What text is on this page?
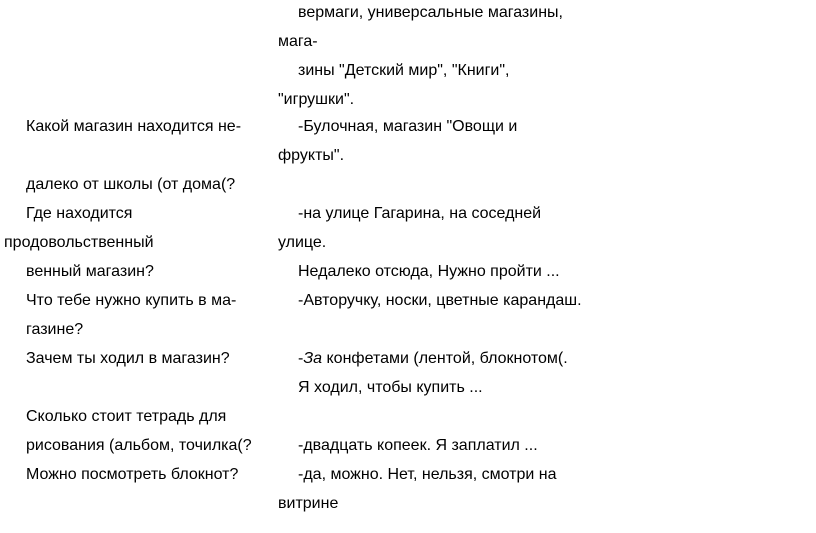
Какой магазин находится не-
далеко от школы (от дома(?
Где находится
продовольственный
венный магазин?
Что тебе нужно купить в ма-
газине?
Зачем ты ходил в магазин?
Сколько стоит тетрадь для
рисования (альбом, точилка(?
Можно посмотреть блокнот?
вермаги, универсальные магазины,
мага-
зины "Детский мир", "Книги",
"игрушки".
-Булочная, магазин "Овощи и
фрукты".
-на улице Гагарина, на соседней
улице.
Недалеко отсюда, Нужно пройти ...
-Авторучку, носки, цветные карандаш.
-За конфетами (лентой, блокнотом(.
Я ходил, чтобы купить ...
-двадцать копеек. Я заплатил ...
-да, можно. Нет, нельзя, смотри на
витрине
